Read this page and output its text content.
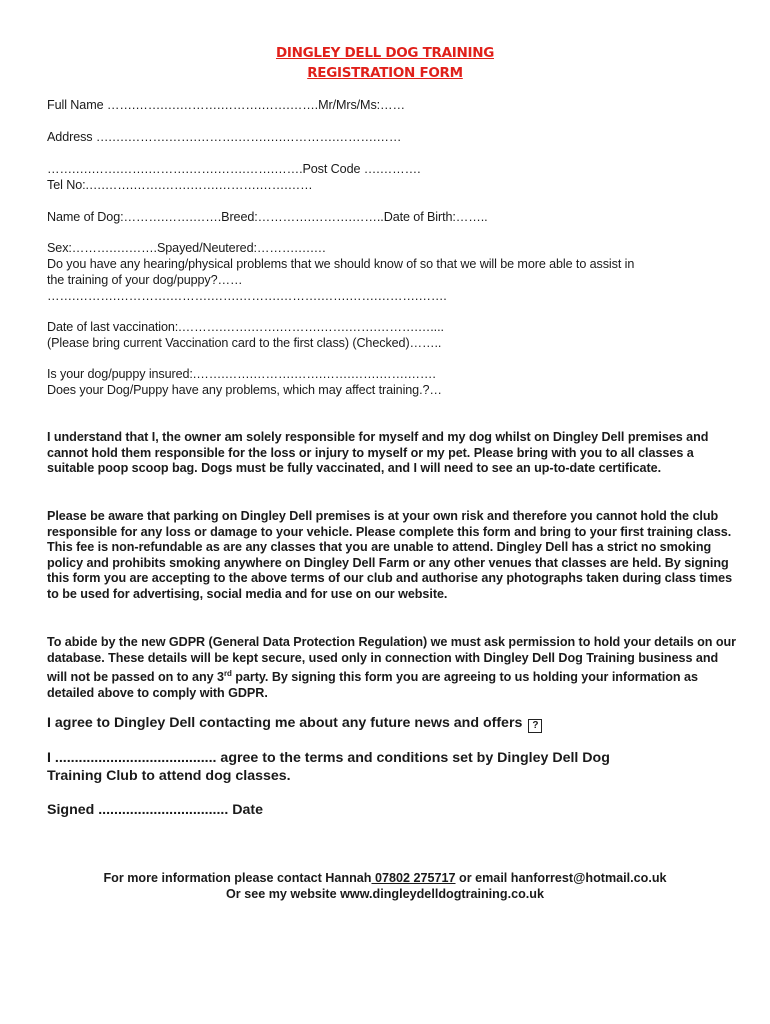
DINGLEY DELL DOG TRAINING
REGISTRATION FORM
Full Name …….…….….……….……….…….…….Mr/Mrs/Ms:……
Address ….….……….…….……….…….….………….……….……
…….….…….…….……….…….…….…….…….Post Code ….……….
Tel No:.….…….…….…….…….……….…….……
Name of Dog:……….…….…….Breed:………….……….……..Date of Birth:……..
Sex:……….….…….Spayed/Neutered:……….….…
Do you have any hearing/physical problems that we should know of so that we will be more able to assist in
the training of your dog/puppy?……
…….……….………….……….…….……….……….…….…….……….…….
Date of last vaccination:.……….…….…….……….…….…….……….…....
(Please bring current Vaccination card to the first class) (Checked)……..
Is your dog/puppy insured:.…….…….……….…….…….…….…….…….
Does your Dog/Puppy have any problems, which may affect training.?…
I understand that I, the owner am solely responsible for myself and my dog whilst on Dingley Dell premises and cannot hold them responsible for the loss or injury to myself or my pet. Please bring with you to all classes a suitable poop scoop bag. Dogs must be fully vaccinated, and I will need to see an up-to-date certificate.
Please be aware that parking on Dingley Dell premises is at your own risk and therefore you cannot hold the club responsible for any loss or damage to your vehicle. Please complete this form and bring to your first training class. This fee is non-refundable as are any classes that you are unable to attend. Dingley Dell has a strict no smoking policy and prohibits smoking anywhere on Dingley Dell Farm or any other venues that classes are held. By signing this form you are accepting to the above terms of our club and authorise any photographs taken during class times to be used for advertising, social media and for use on our website.
To abide by the new GDPR (General Data Protection Regulation) we must ask permission to hold your details on our database. These details will be kept secure, used only in connection with Dingley Dell Dog Training business and will not be passed on to any 3rd party. By signing this form you are agreeing to us holding your information as detailed above to comply with GDPR.
I agree to Dingley Dell contacting me about any future news and offers ?
I ......................................... agree to the terms and conditions set by Dingley Dell Dog
Training Club to attend dog classes.
Signed ................................. Date
For more information please contact Hannah 07802 275717 or email hanforrest@hotmail.co.uk
Or see my website www.dingleydelldogtraining.co.uk
